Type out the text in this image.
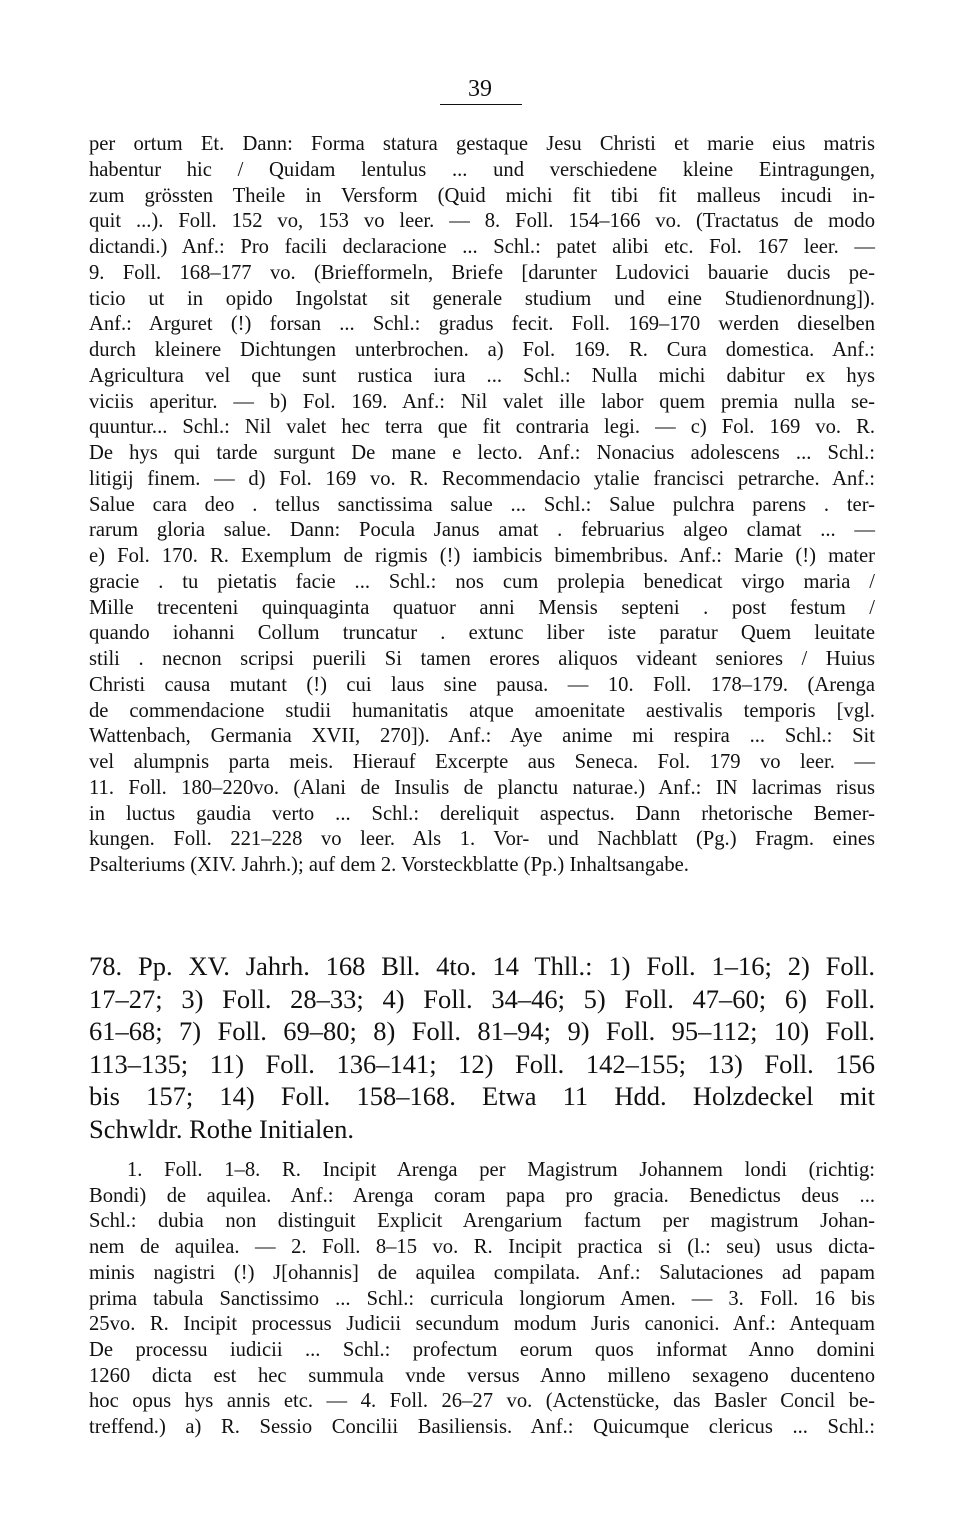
39
per ortum Et. Dann: Forma statura gestaque Jesu Christi et marie eius matris
habentur hic / Quidam lentulus ... und verschiedene kleine Eintragungen,
zum grössten Theile in Versform (Quid michi fit tibi fit malleus incudi in-
quit ...). Foll. 152 vo, 153 vo leer. — 8. Foll. 154–166 vo. (Tractatus de modo
dictandi.) Anf.: Pro facili declaracione ... Schl.: patet alibi etc. Fol. 167 leer. —
9. Foll. 168–177 vo. (Briefformeln, Briefe [darunter Ludovici bauarie ducis pe-
ticio ut in opido Ingolstat sit generale studium und eine Studienordnung]).
Anf.: Arguret (!) forsan ... Schl.: gradus fecit. Foll. 169–170 werden dieselben
durch kleinere Dichtungen unterbrochen. a) Fol. 169. R. Cura domestica. Anf.:
Agricultura vel que sunt rustica iura ... Schl.: Nulla michi dabitur ex hys
viciis aperitur. — b) Fol. 169. Anf.: Nil valet ille labor quem premia nulla se-
quuntur... Schl.: Nil valet hec terra que fit contraria legi. — c) Fol. 169 vo. R.
De hys qui tarde surgunt De mane e lecto. Anf.: Nonacius adolescens ... Schl.:
litigij finem. — d) Fol. 169 vo. R. Recommendacio ytalie francisci petrarche. Anf.:
Salue cara deo . tellus sanctissima salue ... Schl.: Salue pulchra parens . ter-
rarum gloria salue. Dann: Pocula Janus amat . februarius algeo clamat ... —
e) Fol. 170. R. Exemplum de rigmis (!) iambicis bimembribus. Anf.: Marie (!) mater
gracie . tu pietatis facie ... Schl.: nos cum prolepia benedicat virgo maria /
Mille trecenteni quinquaginta quatuor anni Mensis septeni . post festum /
quando iohanni Collum truncatur . extunc liber iste paratur Quem leuitate
stili . necnon scripsi puerili Si tamen erores aliquos videant seniores / Huius
Christi causa mutant (!) cui laus sine pausa. — 10. Foll. 178–179. (Arenga
de commendacione studii humanitatis atque amoenitate aestivalis temporis [vgl.
Wattenbach, Germania XVII, 270]). Anf.: Aye anime mi respira ... Schl.: Sit
vel alumpnis parta meis. Hierauf Excerpte aus Seneca. Fol. 179 vo leer. —
11. Foll. 180–220vo. (Alani de Insulis de planctu naturae.) Anf.: IN lacrimas risus
in luctus gaudia verto ... Schl.: dereliquit aspectus. Dann rhetorische Bemer-
kungen. Foll. 221–228 vo leer. Als 1. Vor- und Nachblatt (Pg.) Fragm. eines
Psalteriums (XIV. Jahrh.); auf dem 2. Vorsteckblatte (Pp.) Inhaltsangabe.
78. Pp. XV. Jahrh. 168 Bll. 4to. 14 Thll.: 1) Foll. 1–16; 2) Foll.
17–27; 3) Foll. 28–33; 4) Foll. 34–46; 5) Foll. 47–60; 6) Foll.
61–68; 7) Foll. 69–80; 8) Foll. 81–94; 9) Foll. 95–112; 10) Foll.
113–135; 11) Foll. 136–141; 12) Foll. 142–155; 13) Foll. 156
bis 157; 14) Foll. 158–168. Etwa 11 Hdd. Holzdeckel mit
Schwldr. Rothe Initialen.
1. Foll. 1–8. R. Incipit Arenga per Magistrum Johannem londi (richtig:
Bondi) de aquilea. Anf.: Arenga coram papa pro gracia. Benedictus deus ...
Schl.: dubia non distinguit Explicit Arengarium factum per magistrum Johan-
nem de aquilea. — 2. Foll. 8–15 vo. R. Incipit practica si (l.: seu) usus dicta-
minis nagistri (!) J[ohannis] de aquilea compilata. Anf.: Salutaciones ad papam
prima tabula Sanctissimo ... Schl.: curricula longiorum Amen. — 3. Foll. 16 bis
25vo. R. Incipit processus Judicii secundum modum Juris canonici. Anf.: Antequam
De processu iudicii ... Schl.: profectum eorum quos informat Anno domini
1260 dicta est hec summula vnde versus Anno milleno sexageno ducenteno
hoc opus hys annis etc. — 4. Foll. 26–27 vo. (Actenstücke, das Basler Concil be-
treffend.) a) R. Sessio Concilii Basiliensis. Anf.: Quicumque clericus ... Schl.:
